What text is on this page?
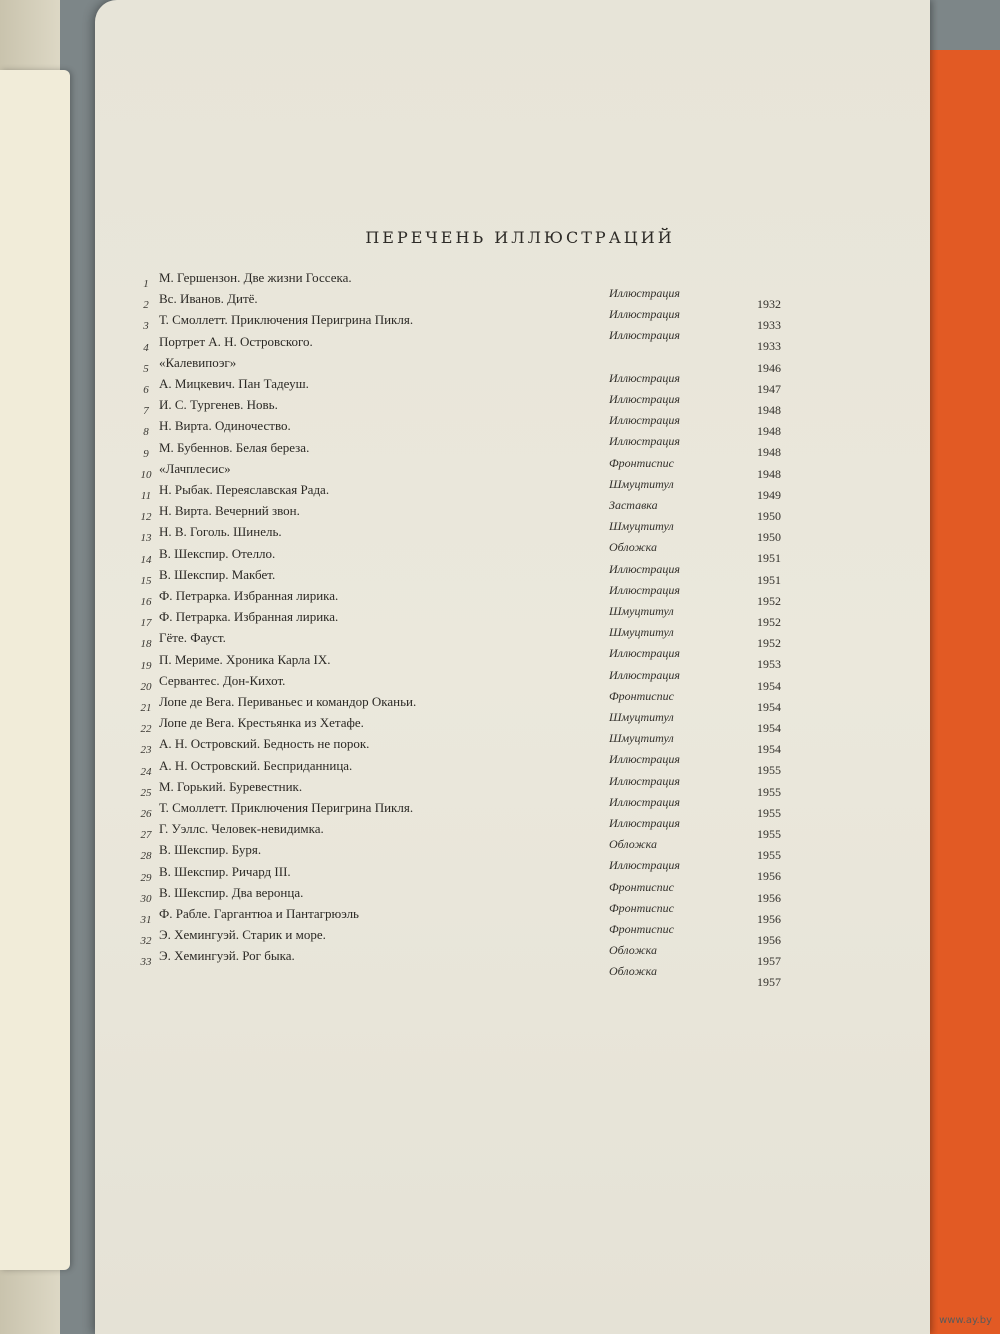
ПЕРЕЧЕНЬ ИЛЛЮСТРАЦИЙ
1 М. Гершензон. Две жизни Госсека.
Иллюстрация
1932
2 Вс. Иванов. Дитё.
Иллюстрация
1933
3 Т. Смоллетт. Приключения Перигрина Пикля.
Иллюстрация
1933
4 Портрет А. Н. Островского.
1946
5 «Калевипоэг»
Иллюстрация
1947
6 А. Мицкевич. Пан Тадеуш.
Иллюстрация
1948
7 И. С. Тургенев. Новь.
Иллюстрация
1948
8 Н. Вирта. Одиночество.
Иллюстрация
1948
9 М. Бубеннов. Белая береза.
Фронтиспис
1948
10 «Лачплесис»
Шмуцтитул
1949
11 Н. Рыбак. Переяславская Рада.
Заставка
1950
12 Н. Вирта. Вечерний звон.
Шмуцтитул
1950
13 Н. В. Гоголь. Шинель.
Обложка
1951
14 В. Шекспир. Отелло.
Иллюстрация
1951
15 В. Шекспир. Макбет.
Иллюстрация
1952
16 Ф. Петрарка. Избранная лирика.
Шмуцтитул
1952
17 Ф. Петрарка. Избранная лирика.
Шмуцтитул
1952
18 Гёте. Фауст.
Иллюстрация
1953
19 П. Мериме. Хроника Карла IX.
Иллюстрация
1954
20 Сервантес. Дон-Кихот.
Фронтиспис
1954
21 Лопе де Вега. Периваньес и командор Оканьи.
Шмуцтитул
1954
22 Лопе де Вега. Крестьянка из Хетафе.
Шмуцтитул
1954
23 А. Н. Островский. Бедность не порок.
Иллюстрация
1955
24 А. Н. Островский. Бесприданница.
Иллюстрация
1955
25 М. Горький. Буревестник.
Иллюстрация
1955
26 Т. Смоллетт. Приключения Перигрина Пикля.
Иллюстрация
1955
27 Г. Уэллс. Человек-невидимка.
Обложка
1955
28 В. Шекспир. Буря.
Иллюстрация
1956
29 В. Шекспир. Ричард III.
Фронтиспис
1956
30 В. Шекспир. Два веронца.
Фронтиспис
1956
31 Ф. Рабле. Гаргантюа и Пантагрюэль
Фронтиспис
1956
32 Э. Хемингуэй. Старик и море.
Обложка
1957
33 Э. Хемингуэй. Рог быка.
Обложка
1957
www.ay.by
